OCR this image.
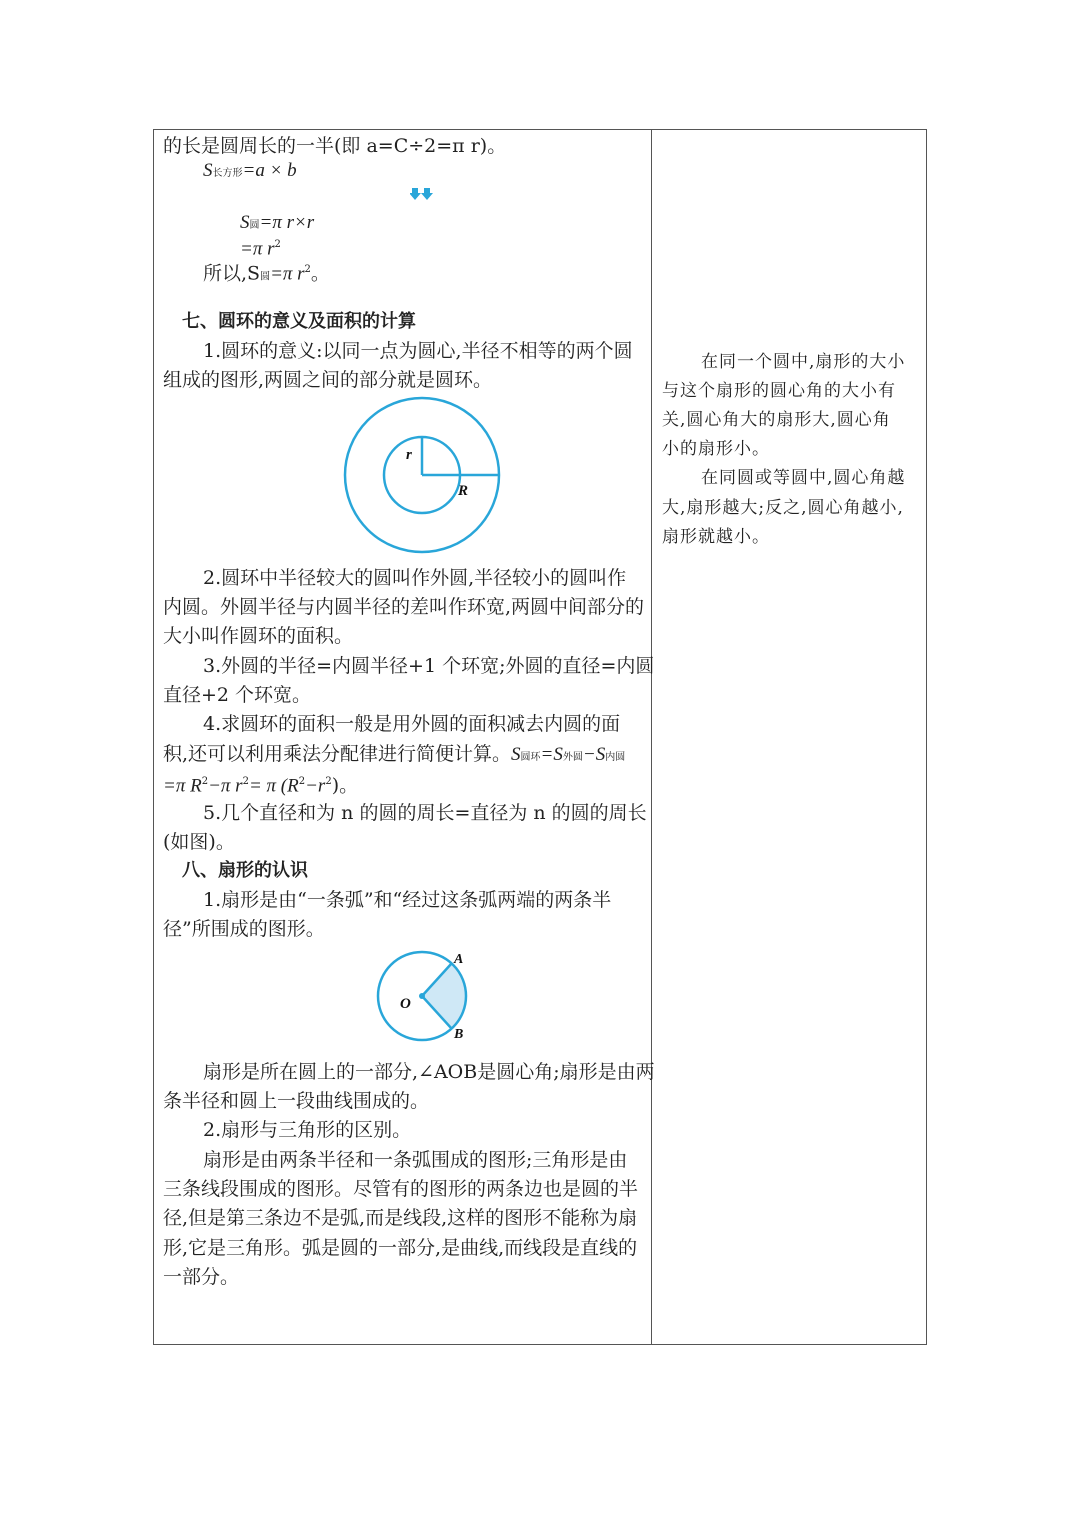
的长是圆周长的一半(即 a=C÷2=π r)。
S长方形=a × b
S圆=π r×r
=π $r^2$
所以,S圆=π $r^2$。
七、圆环的意义及面积的计算
1.圆环的意义:以同一点为圆心,半径不相等的两个圆
组成的图形,两圆之间的部分就是圆环。
r
R
2.圆环中半径较大的圆叫作外圆,半径较小的圆叫作
内圆。外圆半径与内圆半径的差叫作环宽,两圆中间部分的
大小叫作圆环的面积。
3.外圆的半径=内圆半径+1 个环宽;外圆的直径=内圆
直径+2 个环宽。
4.求圆环的面积一般是用外圆的面积减去内圆的面
积,还可以利用乘法分配律进行简便计算。S圆环=S外圆−S内圆
=π $R^2-\pi$ $r^2= \pi$ $(R^2-r^2)$。
5.几个直径和为 n 的圆的周长=直径为 n 的圆的周长
(如图)。
八、扇形的认识
1.扇形是由“一条弧”和“经过这条弧两端的两条半
径”所围成的图形。
O
A
B
扇形是所在圆上的一部分,∠AOB是圆心角;扇形是由两
条半径和圆上一段曲线围成的。
2.扇形与三角形的区别。
扇形是由两条半径和一条弧围成的图形;三角形是由
三条线段围成的图形。尽管有的图形的两条边也是圆的半
径,但是第三条边不是弧,而是线段,这样的图形不能称为扇
形,它是三角形。弧是圆的一部分,是曲线,而线段是直线的
一部分。
在同一个圆中,扇形的大小
与这个扇形的圆心角的大小有
关,圆心角大的扇形大,圆心角
小的扇形小。
在同圆或等圆中,圆心角越
大,扇形越大;反之,圆心角越小,
扇形就越小。
